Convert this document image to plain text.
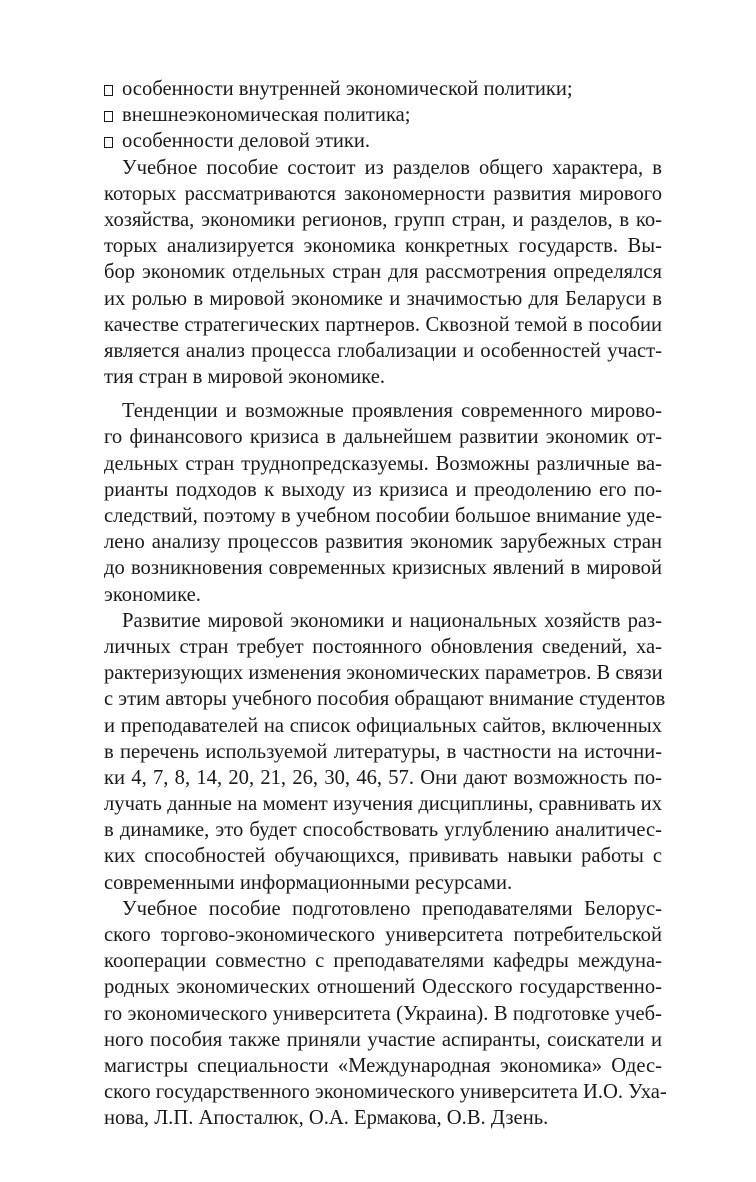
особенности внутренней экономической политики;
внешнеэкономическая политика;
особенности деловой этики.
Учебное пособие состоит из разделов общего характера, в
которых рассматриваются закономерности развития мирового
хозяйства, экономики регионов, групп стран, и разделов, в ко-
торых анализируется экономика конкретных государств. Вы-
бор экономик отдельных стран для рассмотрения определялся
их ролью в мировой экономике и значимостью для Беларуси в
качестве стратегических партнеров. Сквозной темой в пособии
является анализ процесса глобализации и особенностей участ-
тия стран в мировой экономике.
Тенденции и возможные проявления современного мирово-
го финансового кризиса в дальнейшем развитии экономик от-
дельных стран труднопредсказуемы. Возможны различные ва-
рианты подходов к выходу из кризиса и преодолению его по-
следствий, поэтому в учебном пособии большое внимание уде-
лено анализу процессов развития экономик зарубежных стран
до возникновения современных кризисных явлений в мировой
экономике.
Развитие мировой экономики и национальных хозяйств раз-
личных стран требует постоянного обновления сведений, ха-
рактеризующих изменения экономических параметров. В связи
с этим авторы учебного пособия обращают внимание студентов
и преподавателей на список официальных сайтов, включенных
в перечень используемой литературы, в частности на источни-
ки 4, 7, 8, 14, 20, 21, 26, 30, 46, 57. Они дают возможность по-
лучать данные на момент изучения дисциплины, сравнивать их
в динамике, это будет способствовать углублению аналитичес-
ких способностей обучающихся, прививать навыки работы с
современными информационными ресурсами.
Учебное пособие подготовлено преподавателями Белорус-
ского торгово-экономического университета потребительской
кооперации совместно с преподавателями кафедры междуна-
родных экономических отношений Одесского государственно-
го экономического университета (Украина). В подготовке учеб-
ного пособия также приняли участие аспиранты, соискатели и
магистры специальности «Международная экономика» Одес-
ского государственного экономического университета И.О. Уха-
нова, Л.П. Апосталюк, О.А. Ермакова, О.В. Дзень.
